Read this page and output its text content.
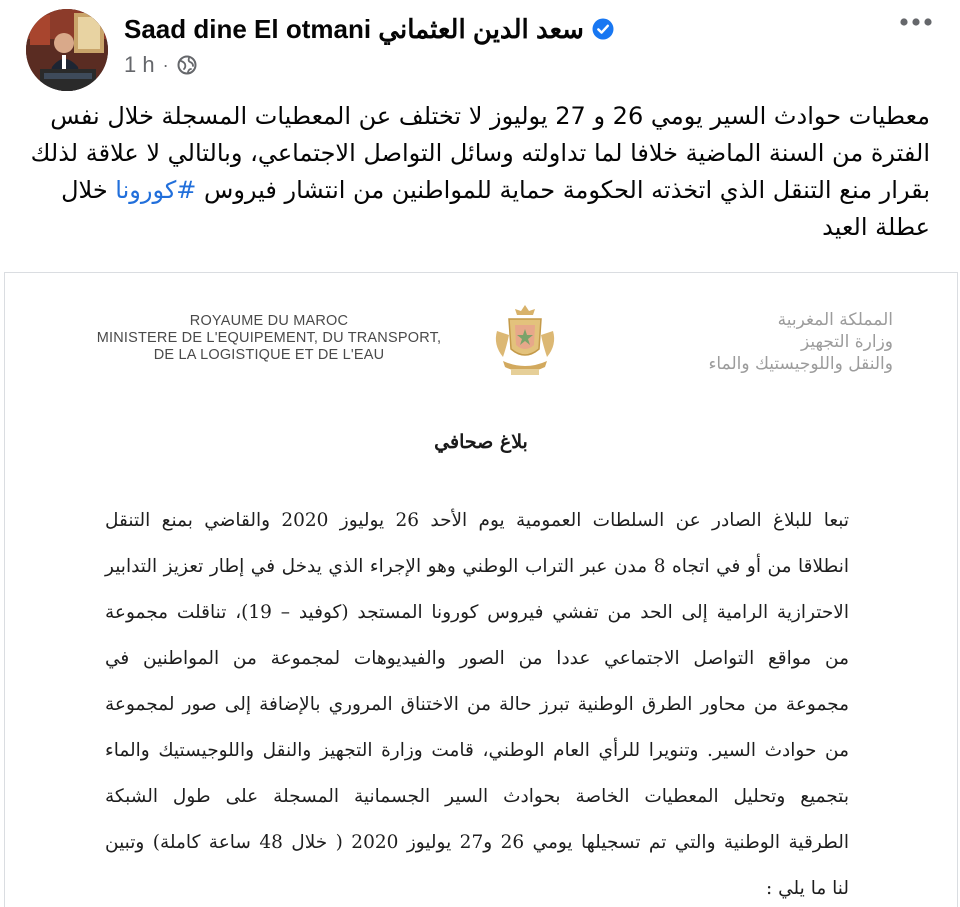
Saad dine El otmani سعد الدين العثماني
1 h ·
معطيات حوادث السير يومي 26 و 27 يوليوز لا تختلف عن المعطيات المسجلة خلال نفس الفترة من السنة الماضية خلافا لما تداولته وسائل التواصل الاجتماعي، وبالتالي لا علاقة لذلك بقرار منع التنقل الذي اتخذته الحكومة حماية للمواطنين من انتشار فيروس #كورونا خلال عطلة العيد
ROYAUME DU MAROC
MINISTERE DE L'EQUIPEMENT, DU TRANSPORT,
DE LA LOGISTIQUE ET DE L'EAU
المملكة المغربية
وزارة التجهيز
والنقل واللوجيستيك والماء
بلاغ صحافي
تبعا للبلاغ الصادر عن السلطات العمومية يوم الأحد 26 يوليوز 2020 والقاضي بمنع التنقل
انطلاقا من أو في اتجاه 8 مدن عبر التراب الوطني وهو الإجراء الذي يدخل في إطار تعزيز التدابير
الاحترازية الرامية إلى الحد من تفشي فيروس كورونا المستجد (كوفيد – 19)، تناقلت مجموعة
من مواقع التواصل الاجتماعي عددا من الصور والفيديوهات لمجموعة من المواطنين في
مجموعة من محاور الطرق الوطنية تبرز حالة من الاختناق المروري بالإضافة إلى صور لمجموعة
من حوادث السير. وتنويرا للرأي العام الوطني، قامت وزارة التجهيز والنقل واللوجيستيك والماء
بتجميع وتحليل المعطيات الخاصة بحوادث السير الجسمانية المسجلة على طول الشبكة
الطرقية الوطنية والتي تم تسجيلها يومي 26 و27 يوليوز 2020 ( خلال 48 ساعة كاملة) وتبين
لنا ما يلي :
